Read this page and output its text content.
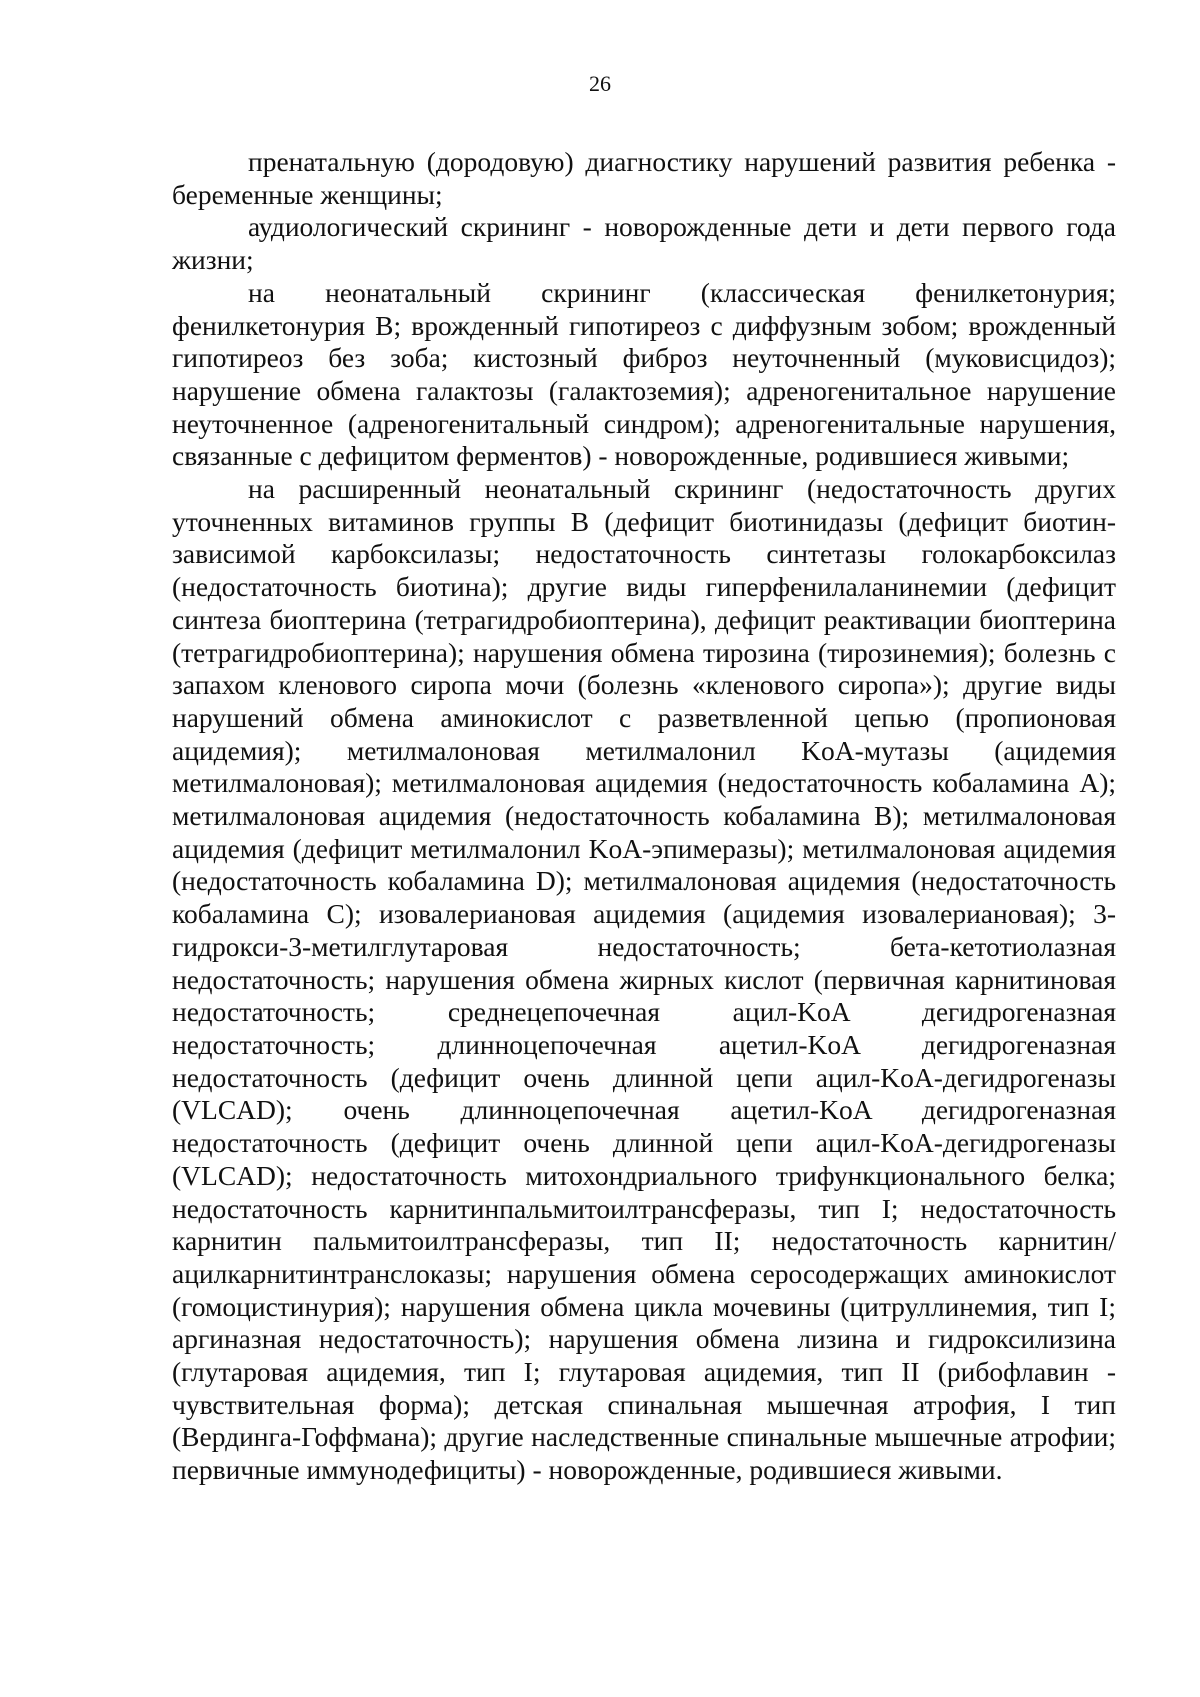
26

пренатальную (дородовую) диагностику нарушений развития ребенка - беременные женщины;

аудиологический скрининг - новорожденные дети и дети первого года жизни;

на неонатальный скрининг (классическая фенилкетонурия; фенилкетонурия B; врожденный гипотиреоз с диффузным зобом; врожденный гипотиреоз без зоба; кистозный фиброз неуточненный (муковисцидоз); нарушение обмена галактозы (галактоземия); адреногенитальное нарушение неуточненное (адреногенитальный синдром); адреногенитальные нарушения, связанные с дефицитом ферментов) - новорожденные, родившиеся живыми;

на расширенный неонатальный скрининг (недостаточность других уточненных витаминов группы B (дефицит биотинидазы (дефицит биотин-зависимой карбоксилазы; недостаточность синтетазы голокарбоксилаз (недостаточность биотина); другие виды гиперфенилаланинемии (дефицит синтеза биоптерина (тетрагидробиоптерина), дефицит реактивации биоптерина (тетрагидробиоптерина); нарушения обмена тирозина (тирозинемия); болезнь с запахом кленового сиропа мочи (болезнь «кленового сиропа»); другие виды нарушений обмена аминокислот с разветвленной цепью (пропионовая ацидемия); метилмалоновая метилмалонил KoA-мутазы (ацидемия метилмалоновая); метилмалоновая ацидемия (недостаточность кобаламина A); метилмалоновая ацидемия (недостаточность кобаламина B); метилмалоновая ацидемия (дефицит метилмалонил KoA-эпимеразы); метилмалоновая ацидемия (недостаточность кобаламина D); метилмалоновая ацидемия (недостаточность кобаламина C); изовалериановая ацидемия (ацидемия изовалериановая); 3-гидрокси-3-метилглутаровая недостаточность; бета-кетотиолазная недостаточность; нарушения обмена жирных кислот (первичная карнитиновая недостаточность; среднецепочечная ацил-KoA дегидрогеназная недостаточность; длинноцепочечная ацетил-KoA дегидрогеназная недостаточность (дефицит очень длинной цепи ацил-KoA-дегидрогеназы (VLCAD); очень длинноцепочечная ацетил-KoA дегидрогеназная недостаточность (дефицит очень длинной цепи ацил-KoA-дегидрогеназы (VLCAD); недостаточность митохондриального трифункционального белка; недостаточность карнитинпальмитоилтрансферазы, тип I; недостаточность карнитин пальмитоилтрансферазы, тип II; недостаточность карнитин/ацилкарнитинтранслоказы; нарушения обмена серосодержащих аминокислот (гомоцистинурия); нарушения обмена цикла мочевины (цитруллинемия, тип I; аргиназная недостаточность); нарушения обмена лизина и гидроксилизина (глутаровая ацидемия, тип I; глутаровая ацидемия, тип II (рибофлавин - чувствительная форма); детская спинальная мышечная атрофия, I тип (Вердинга-Гоффмана); другие наследственные спинальные мышечные атрофии; первичные иммунодефициты) - новорожденные, родившиеся живыми.
